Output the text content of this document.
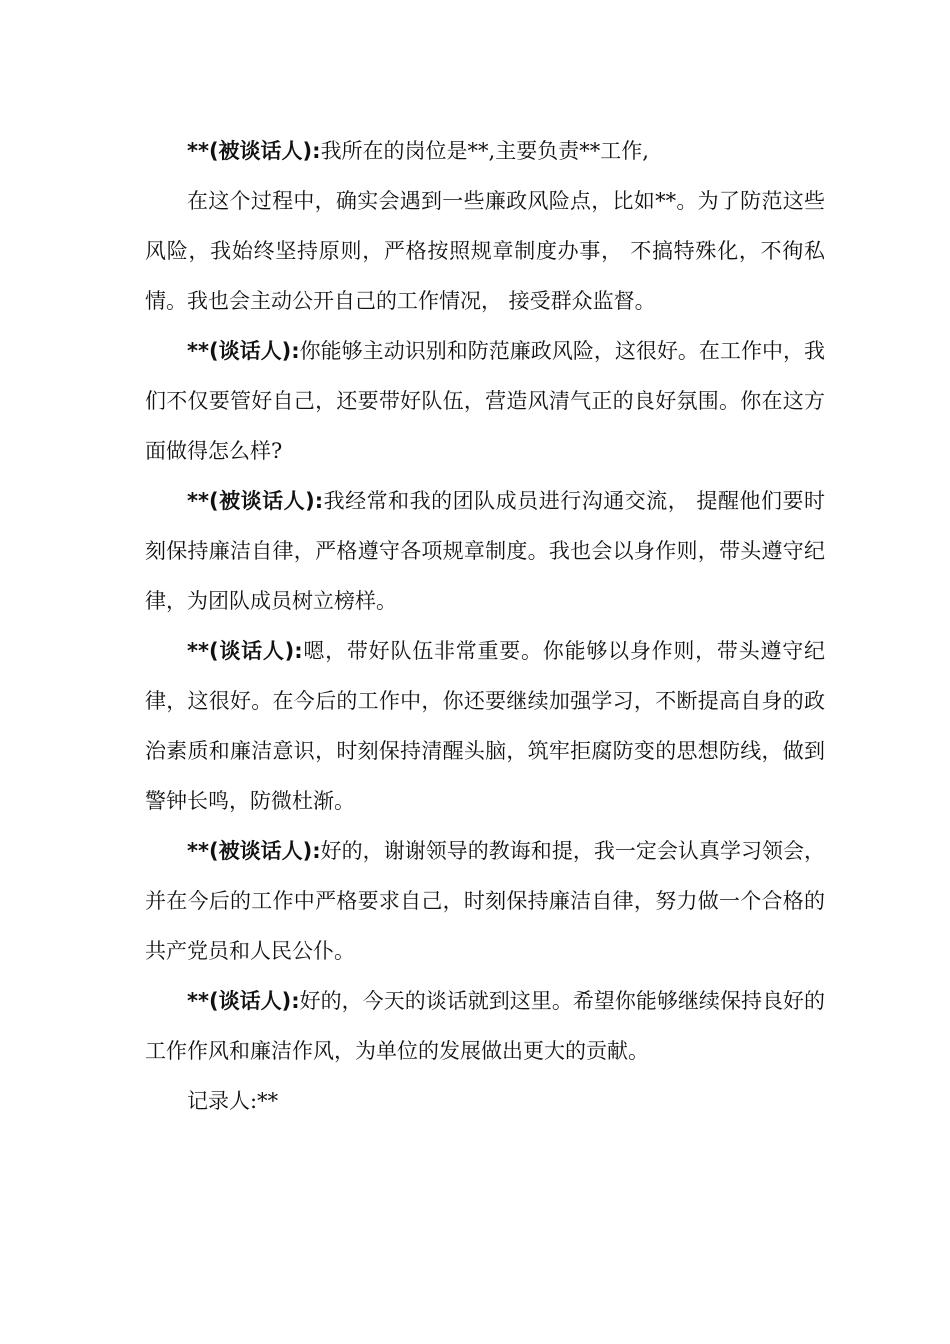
**(被谈话人):我所在的岗位是**,主要负责**工作,

在这个过程中，确实会遇到一些廉政风险点，比如**。为了防范这些风险，我始终坚持原则，严格按照规章制度办事， 不搞特殊化，不徇私情。我也会主动公开自己的工作情况， 接受群众监督。

**(谈话人):你能够主动识别和防范廉政风险，这很好。在工作中，我们不仅要管好自己，还要带好队伍，营造风清气正的良好氛围。你在这方面做得怎么样?

**(被谈话人):我经常和我的团队成员进行沟通交流， 提醒他们要时刻保持廉洁自律，严格遵守各项规章制度。我也会以身作则，带头遵守纪律，为团队成员树立榜样。

**(谈话人):嗯，带好队伍非常重要。你能够以身作则，带头遵守纪律，这很好。在今后的工作中，你还要继续加强学习，不断提高自身的政治素质和廉洁意识，时刻保持清醒头脑，筑牢拒腐防变的思想防线，做到警钟长鸣，防微杜渐。

**(被谈话人):好的，谢谢领导的教诲和提，我一定会认真学习领会，并在今后的工作中严格要求自己，时刻保持廉洁自律，努力做一个合格的共产党员和人民公仆。

**(谈话人):好的，今天的谈话就到这里。希望你能够继续保持良好的工作作风和廉洁作风，为单位的发展做出更大的贡献。

记录人:**
